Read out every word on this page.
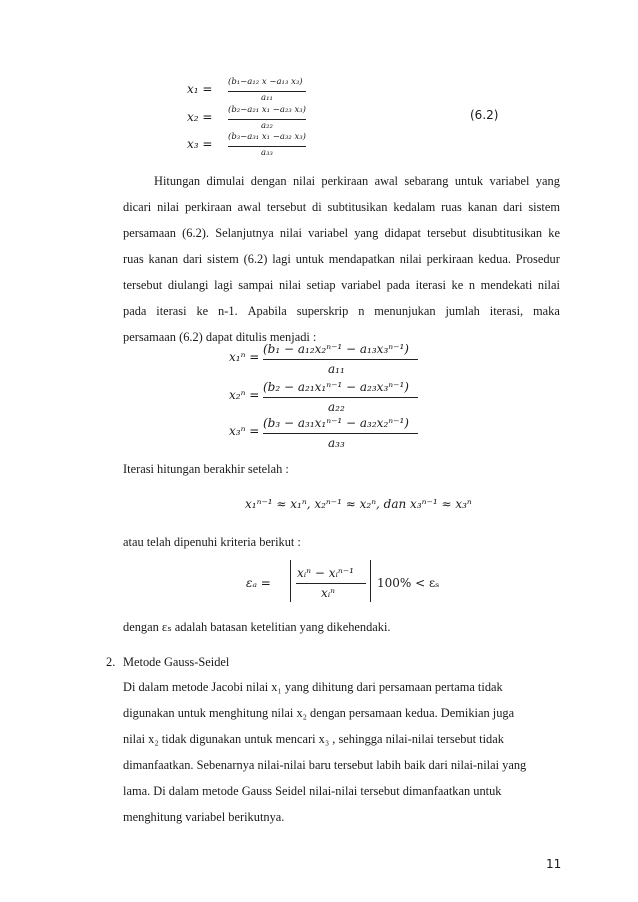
x₁ = (b₁−a₁₂ x −a₁₃ x₃)
a₁₁
x₂ = (b₂−a₂₁ x₁ −a₂₃ x₃)
a₂₂
x₃ = (b₃−a₃₁ x₁ −a₃₂ x₃)
a₃₃
(6.2)
Hitungan dimulai dengan nilai perkiraan awal sebarang untuk variabel yang
dicari nilai perkiraan awal tersebut di subtitusikan kedalam ruas kanan dari sistem
persamaan (6.2). Selanjutnya nilai variabel yang didapat tersebut disubtitusikan ke
ruas kanan dari sistem (6.2) lagi untuk mendapatkan nilai perkiraan kedua. Prosedur
tersebut diulangi lagi sampai nilai setiap variabel pada iterasi ke n mendekati nilai
pada iterasi ke n-1. Apabila superskrip n menunjukan jumlah iterasi, maka
persamaan (6.2) dapat ditulis menjadi :
x₁ⁿ =
(b₁ − a₁₂x₂ⁿ⁻¹ − a₁₃x₃ⁿ⁻¹)
a₁₁
x₂ⁿ =
(b₂ − a₂₁x₁ⁿ⁻¹ − a₂₃x₃ⁿ⁻¹)
a₂₂
x₃ⁿ =
(b₃ − a₃₁x₁ⁿ⁻¹ − a₃₂x₂ⁿ⁻¹)
a₃₃
Iterasi hitungan berakhir setelah :
x₁ⁿ⁻¹ ≈ x₁ⁿ, x₂ⁿ⁻¹ ≈ x₂ⁿ, dan x₃ⁿ⁻¹ ≈ x₃ⁿ
atau telah dipenuhi kriteria berikut :
εₐ =
xᵢⁿ − xᵢⁿ⁻¹
xᵢⁿ
100% < εₛ
dengan εₛ adalah batasan ketelitian yang dikehendaki.
2. Metode Gauss-Seidel
Di dalam metode Jacobi nilai x₁ yang dihitung dari persamaan pertama tidak
digunakan untuk menghitung nilai x₂ dengan persamaan kedua. Demikian juga
nilai x₂ tidak digunakan untuk mencari x₃ , sehingga nilai-nilai tersebut tidak
dimanfaatkan. Sebenarnya nilai-nilai baru tersebut labih baik dari nilai-nilai yang
lama. Di dalam metode Gauss Seidel nilai-nilai tersebut dimanfaatkan untuk
menghitung variabel berikutnya.
11
